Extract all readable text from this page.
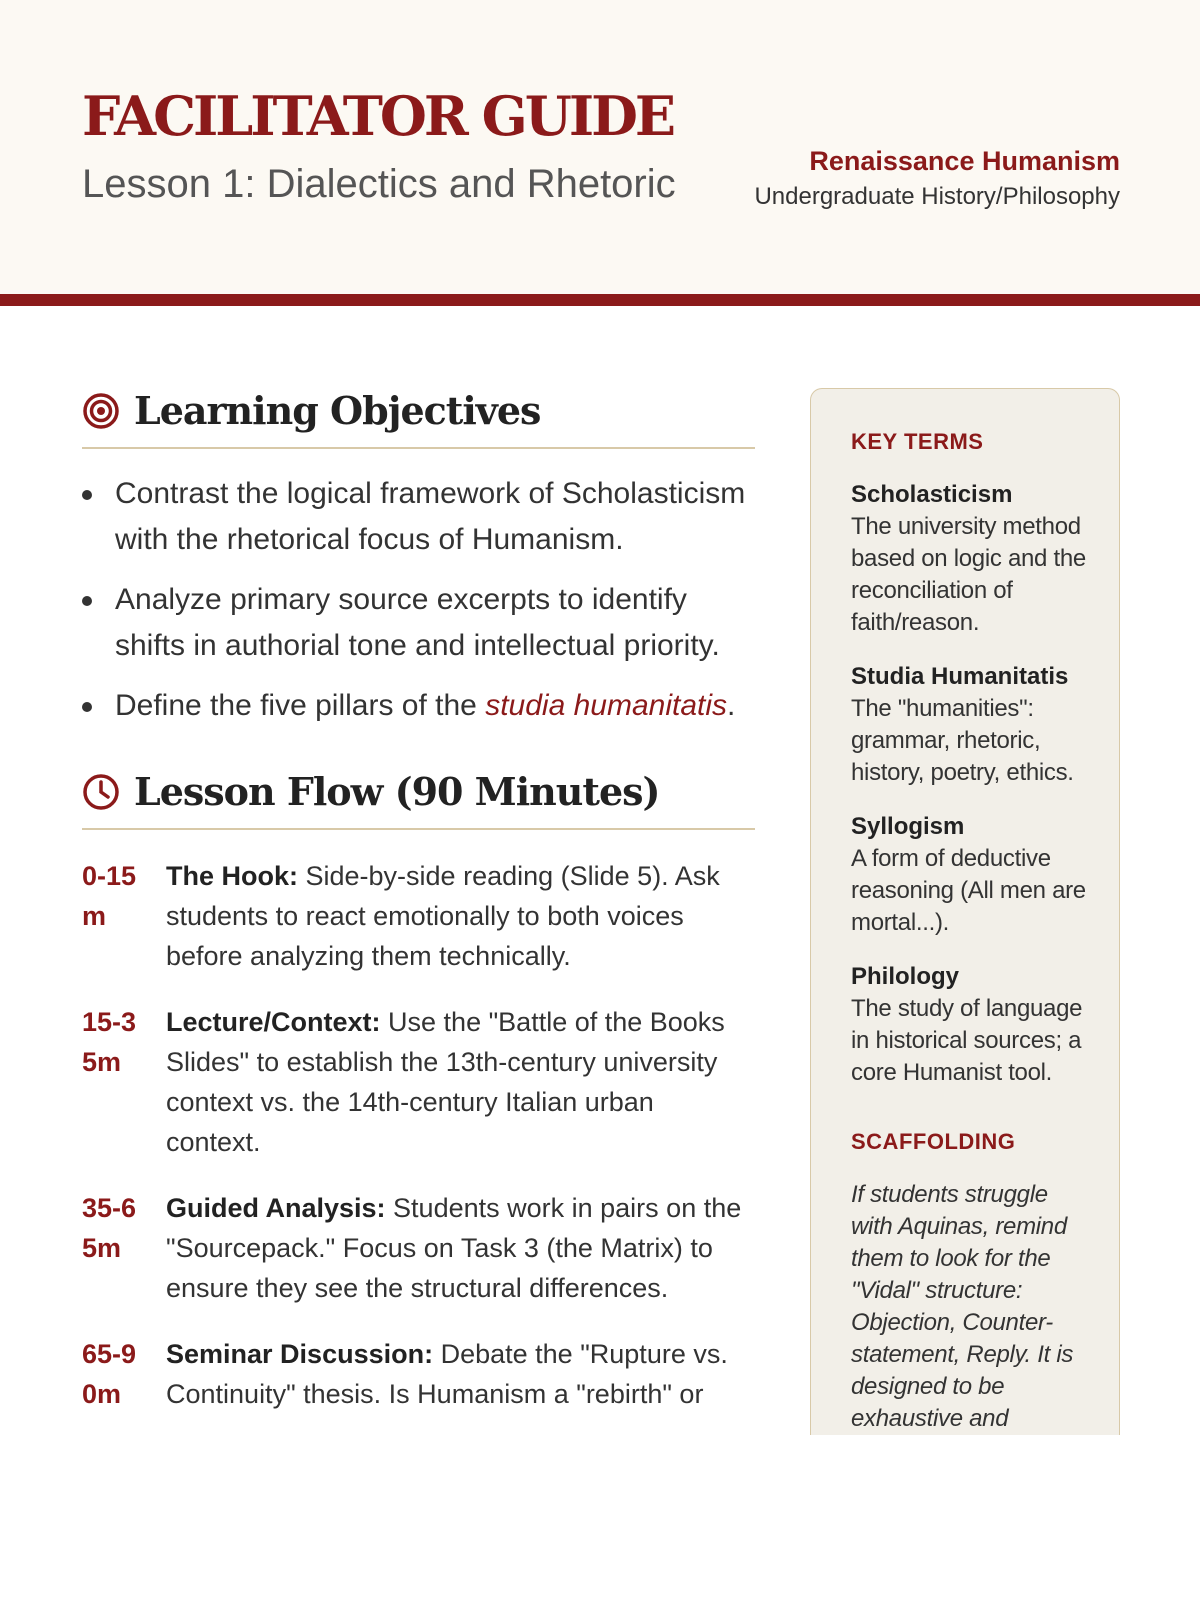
FACILITATOR GUIDE
Lesson 1: Dialectics and Rhetoric
Renaissance Humanism
Undergraduate History/Philosophy
Learning Objectives
Contrast the logical framework of Scholasticism with the rhetorical focus of Humanism.
Analyze primary source excerpts to identify shifts in authorial tone and intellectual priority.
Define the five pillars of the studia humanitatis.
Lesson Flow (90 Minutes)
0-15m
The Hook: Side-by-side reading (Slide 5). Ask students to react emotionally to both voices before analyzing them technically.
15-35m
Lecture/Context: Use the "Battle of the Books Slides" to establish the 13th-century university context vs. the 14th-century Italian urban context.
35-65m
Guided Analysis: Students work in pairs on the "Sourcepack." Focus on Task 3 (the Matrix) to ensure they see the structural differences.
65-90m
Seminar Discussion: Debate the "Rupture vs. Continuity" thesis. Is Humanism a "rebirth" or
KEY TERMS
Scholasticism
The university method based on logic and the reconciliation of faith/reason.
Studia Humanitatis
The "humanities": grammar, rhetoric, history, poetry, ethics.
Syllogism
A form of deductive reasoning (All men are mortal...).
Philology
The study of language in historical sources; a core Humanist tool.
SCAFFOLDING
If students struggle with Aquinas, remind them to look for the "Vidal" structure: Objection, Counter-statement, Reply. It is designed to be exhaustive and
